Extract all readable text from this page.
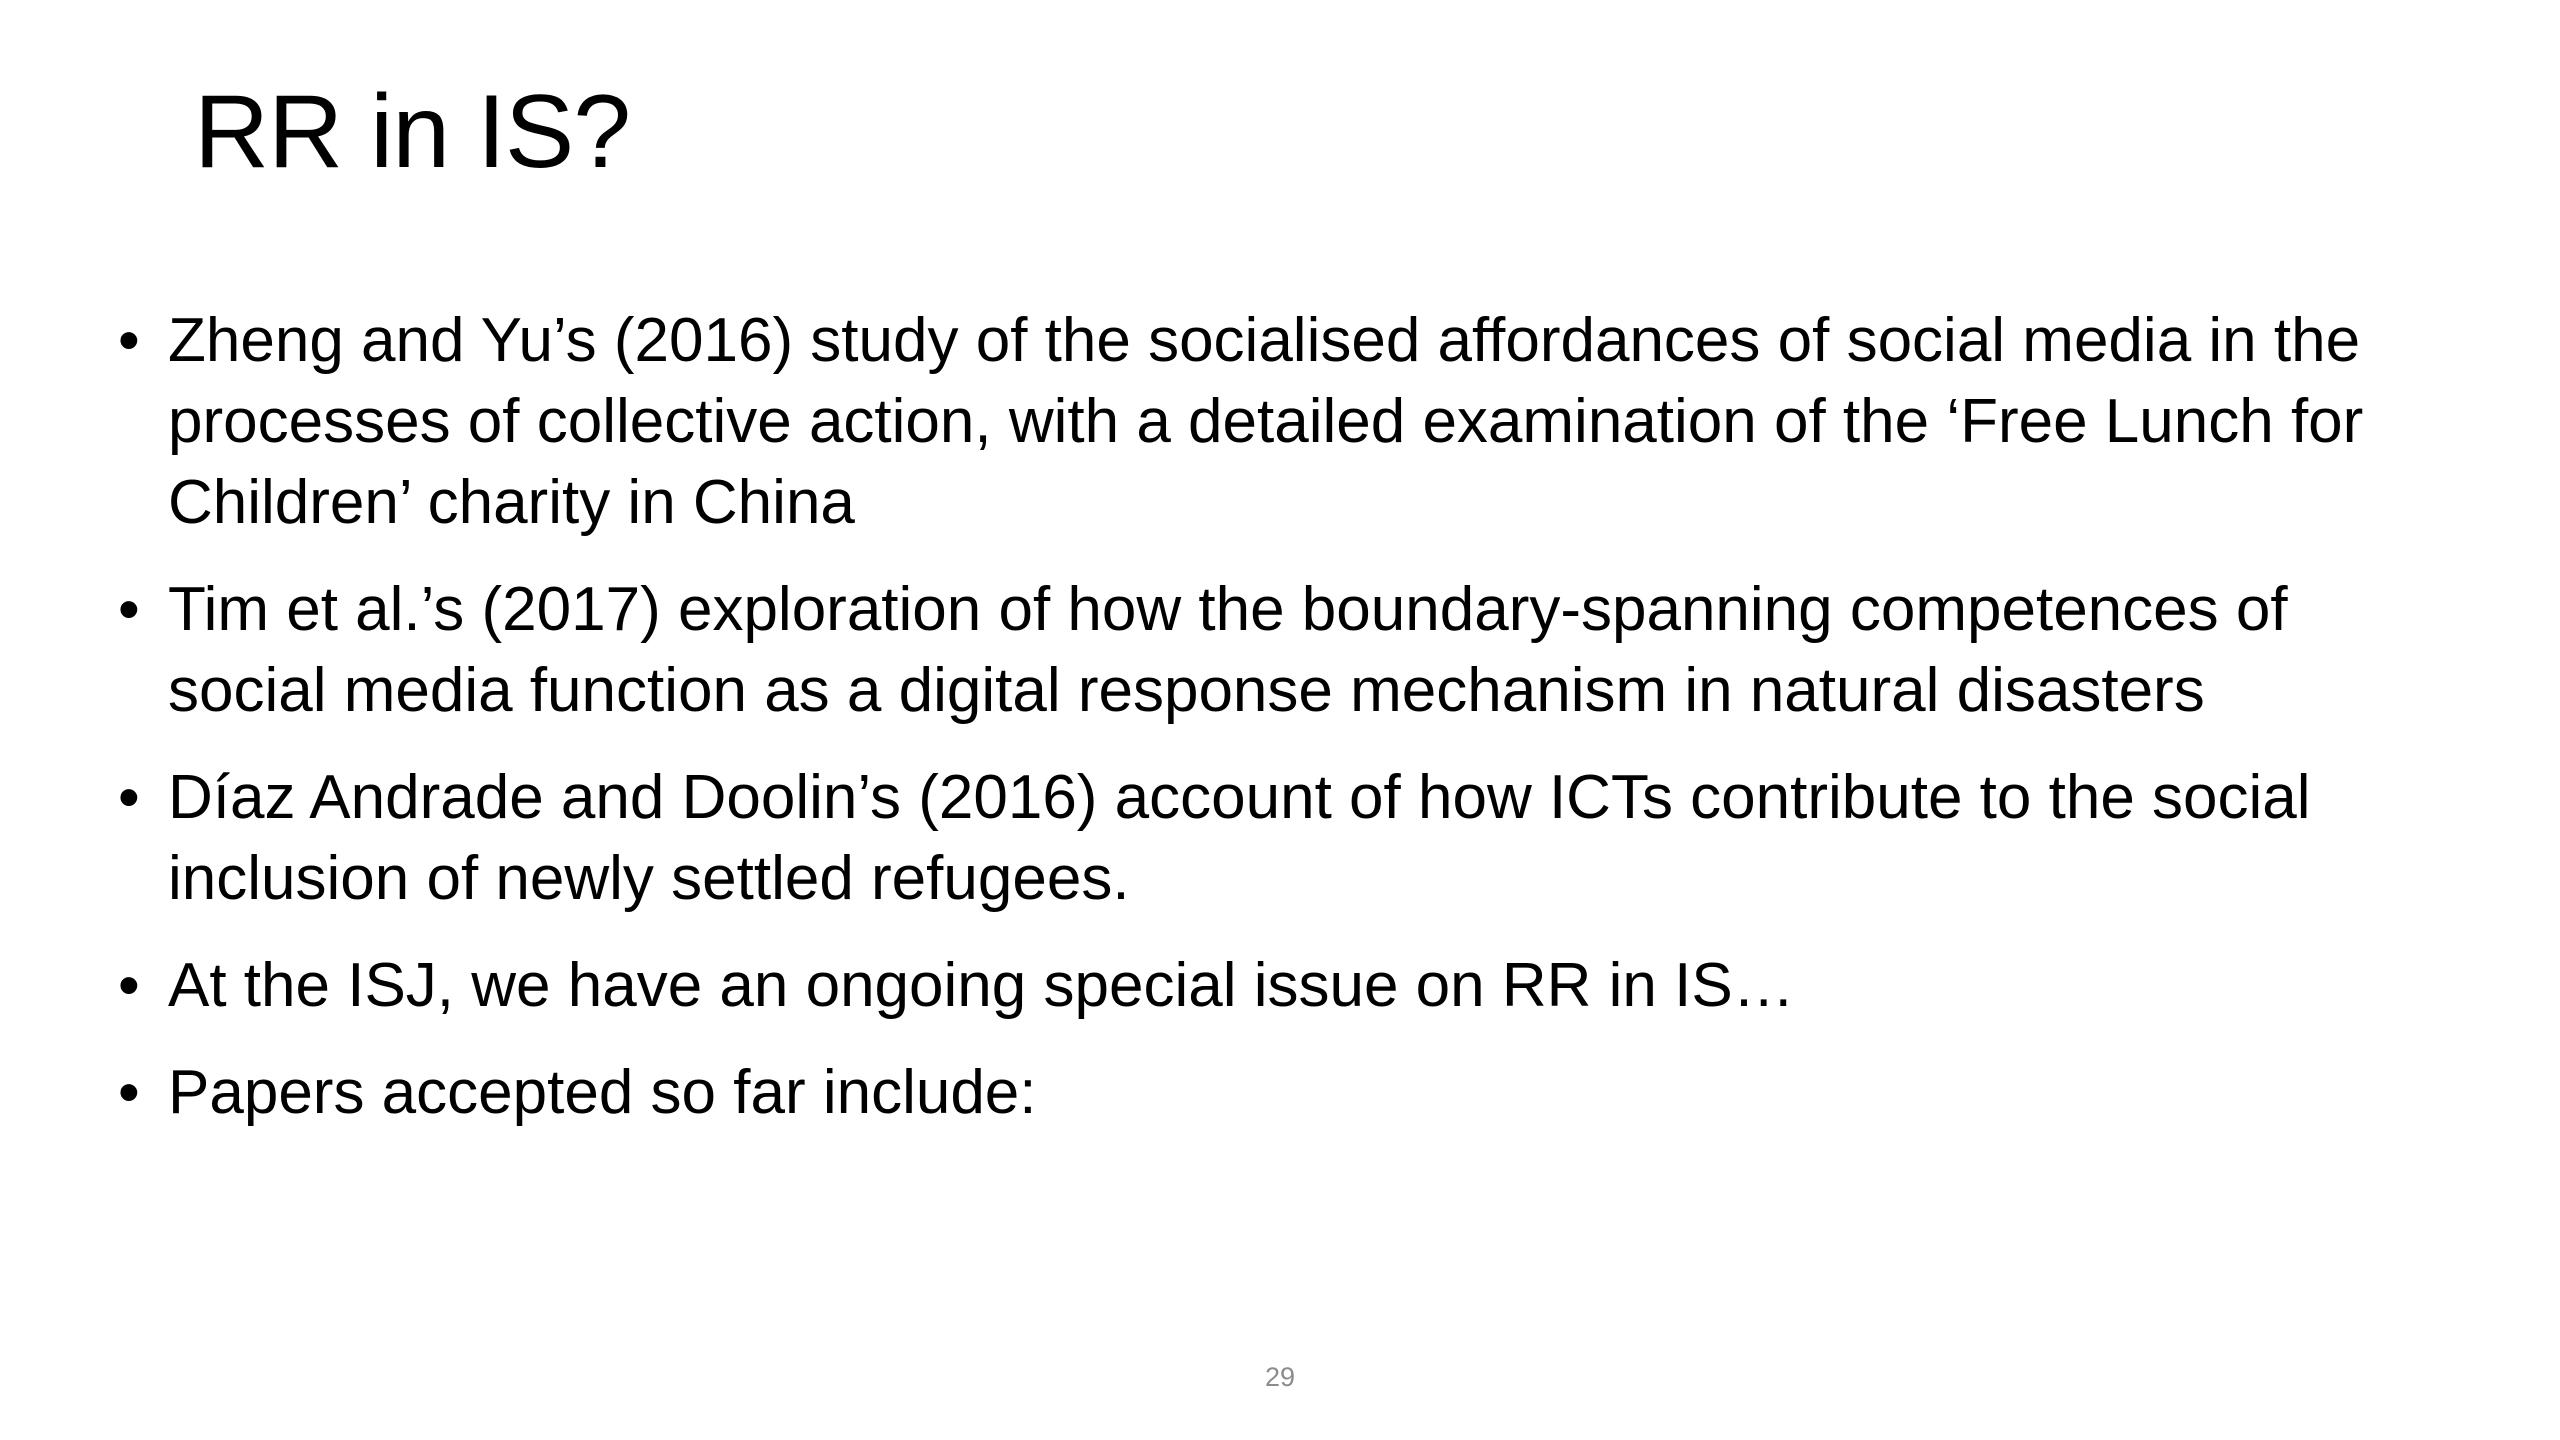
RR in IS?
• Zheng and Yu’s (2016) study of the socialised affordances of social media in the processes of collective action, with a detailed examination of the ‘Free Lunch for Children’ charity in China
• Tim et al.’s (2017) exploration of how the boundary-spanning competences of social media function as a digital response mechanism in natural disasters
• Díaz Andrade and Doolin’s (2016) account of how ICTs contribute to the social inclusion of newly settled refugees.
• At the ISJ, we have an ongoing special issue on RR in IS…
• Papers accepted so far include:
29
